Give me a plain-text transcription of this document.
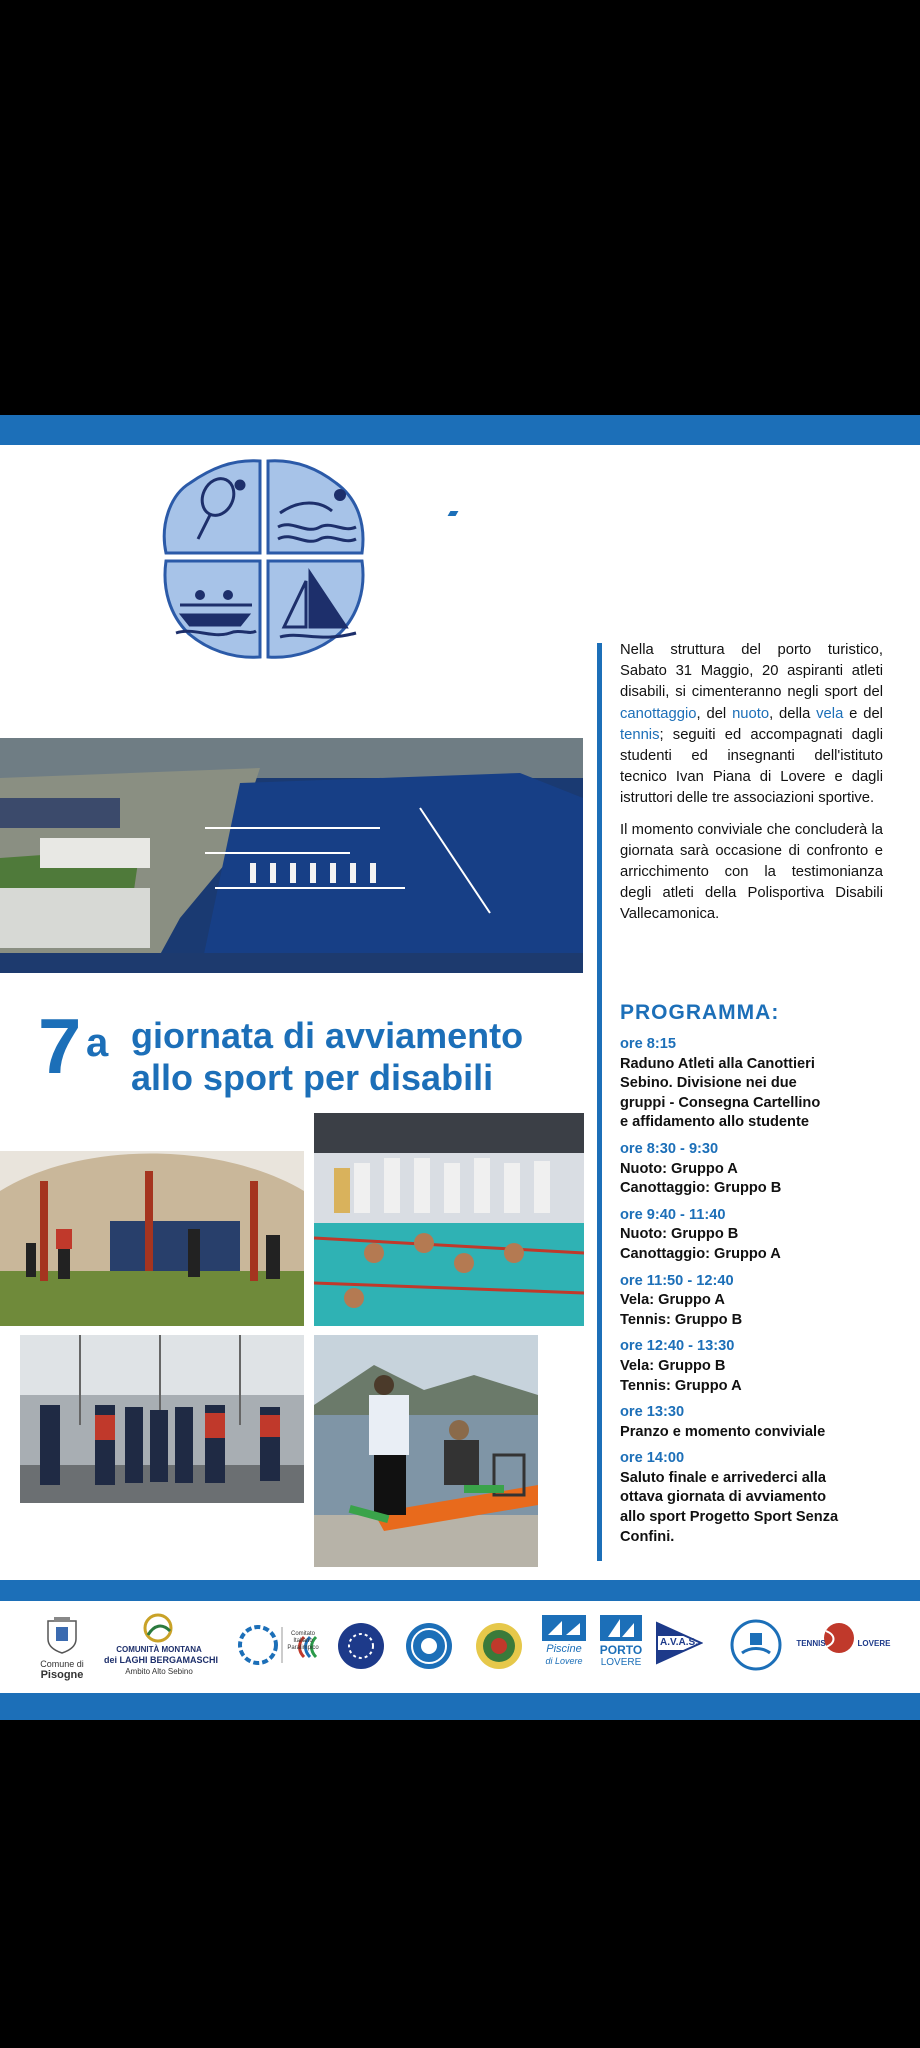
7 a giornata di avviamento
allo sport per disabili

Nella struttura del porto turistico, Sabato 31 Maggio, 20 aspiranti atleti disabili, si cimenteranno negli sport del canottaggio, del nuoto, della vela e del tennis; seguiti ed accompagnati dagli studenti ed insegnanti dell'istituto tecnico Ivan Piana di Lovere e dagli istruttori delle tre associazioni sportive.

Il momento conviviale che concluderà la giornata sarà occasione di confronto e arricchimento con la testimonianza degli atleti della Polisportiva Disabili Vallecamonica.

PROGRAMMA:
ore 8:15
Raduno Atleti alla Canottieri
Sebino. Divisione nei due
gruppi - Consegna Cartellino
e affidamento allo studente
ore 8:30 - 9:30
Nuoto: Gruppo A
Canottaggio: Gruppo B
ore 9:40 - 11:40
Nuoto: Gruppo B
Canottaggio: Gruppo A
ore 11:50 - 12:40
Vela: Gruppo A
Tennis: Gruppo B
ore 12:40 - 13:30
Vela: Gruppo B
Tennis: Gruppo A
ore 13:30
Pranzo e momento conviviale
ore 14:00
Saluto finale e arrivederci alla
ottava giornata di avviamento
allo sport Progetto Sport Senza
Confini.
Comune di
Pisogne
COMUNITÀ MONTANA
dei LAGHI BERGAMASCHI
Ambito Alto Sebino
Comitato Italiano Paralimpico	Piscine
di Lovere
PORTO
LOVERE
A.V.A.S.	TENNIS	LOVERE
